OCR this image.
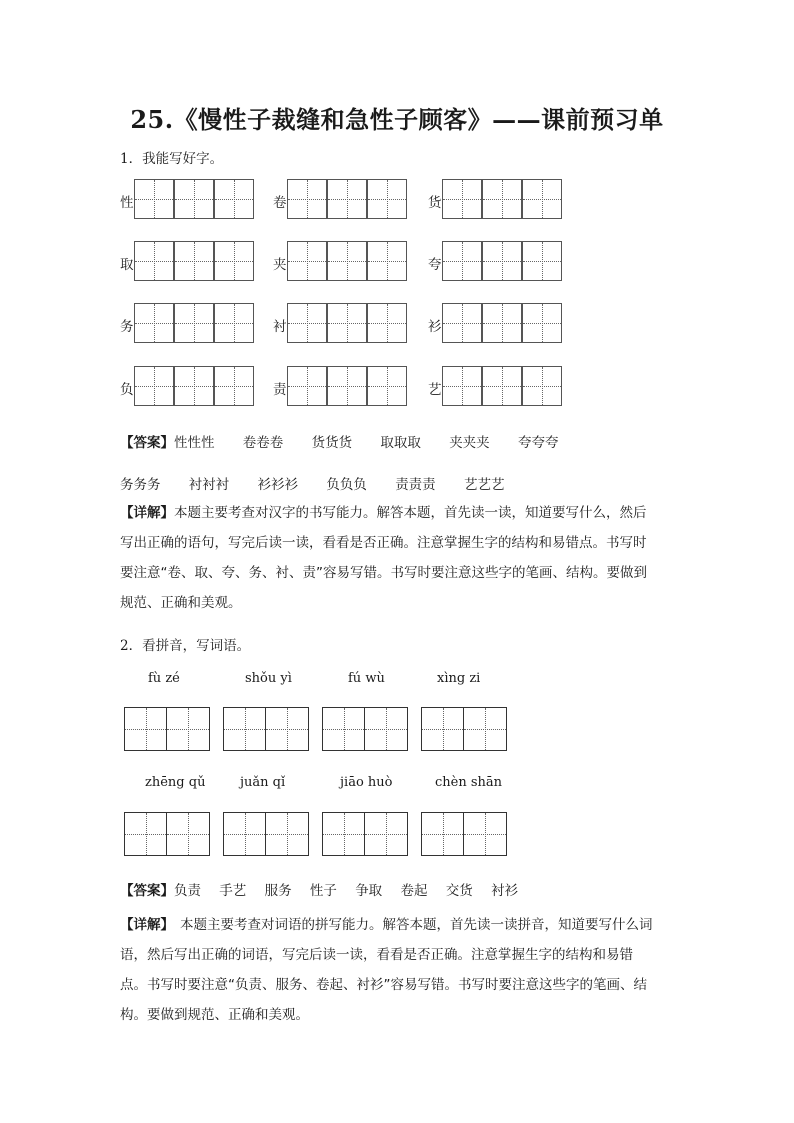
25.《慢性子裁缝和急性子顾客》——课前预习单
1．我能写好字。
性	卷	货
取	夹	夸
务	衬	衫
负	责	艺
【答案】性性性 卷卷卷 货货货 取取取 夹夹夹 夸夸夸
务务务 衬衬衬 衫衫衫 负负负 责责责 艺艺艺
【详解】本题主要考查对汉字的书写能力。解答本题，首先读一读，知道要写什么，然后
写出正确的语句，写完后读一读，看看是否正确。注意掌握生字的结构和易错点。书写时
要注意“卷、取、夸、务、衬、责”容易写错。书写时要注意这些字的笔画、结构。要做到
规范、正确和美观。
2．看拼音，写词语。
fù zé	shǒu yì	fú wù	xìng zi
zhēng qǔ	juǎn qǐ	jiāo huò	chèn shān
【答案】负责 手艺 服务 性子 争取 卷起 交货 衬衫
【详解】 本题主要考查对词语的拼写能力。解答本题，首先读一读拼音，知道要写什么词
语，然后写出正确的词语，写完后读一读，看看是否正确。注意掌握生字的结构和易错
点。书写时要注意“负责、服务、卷起、衬衫”容易写错。书写时要注意这些字的笔画、结
构。要做到规范、正确和美观。
